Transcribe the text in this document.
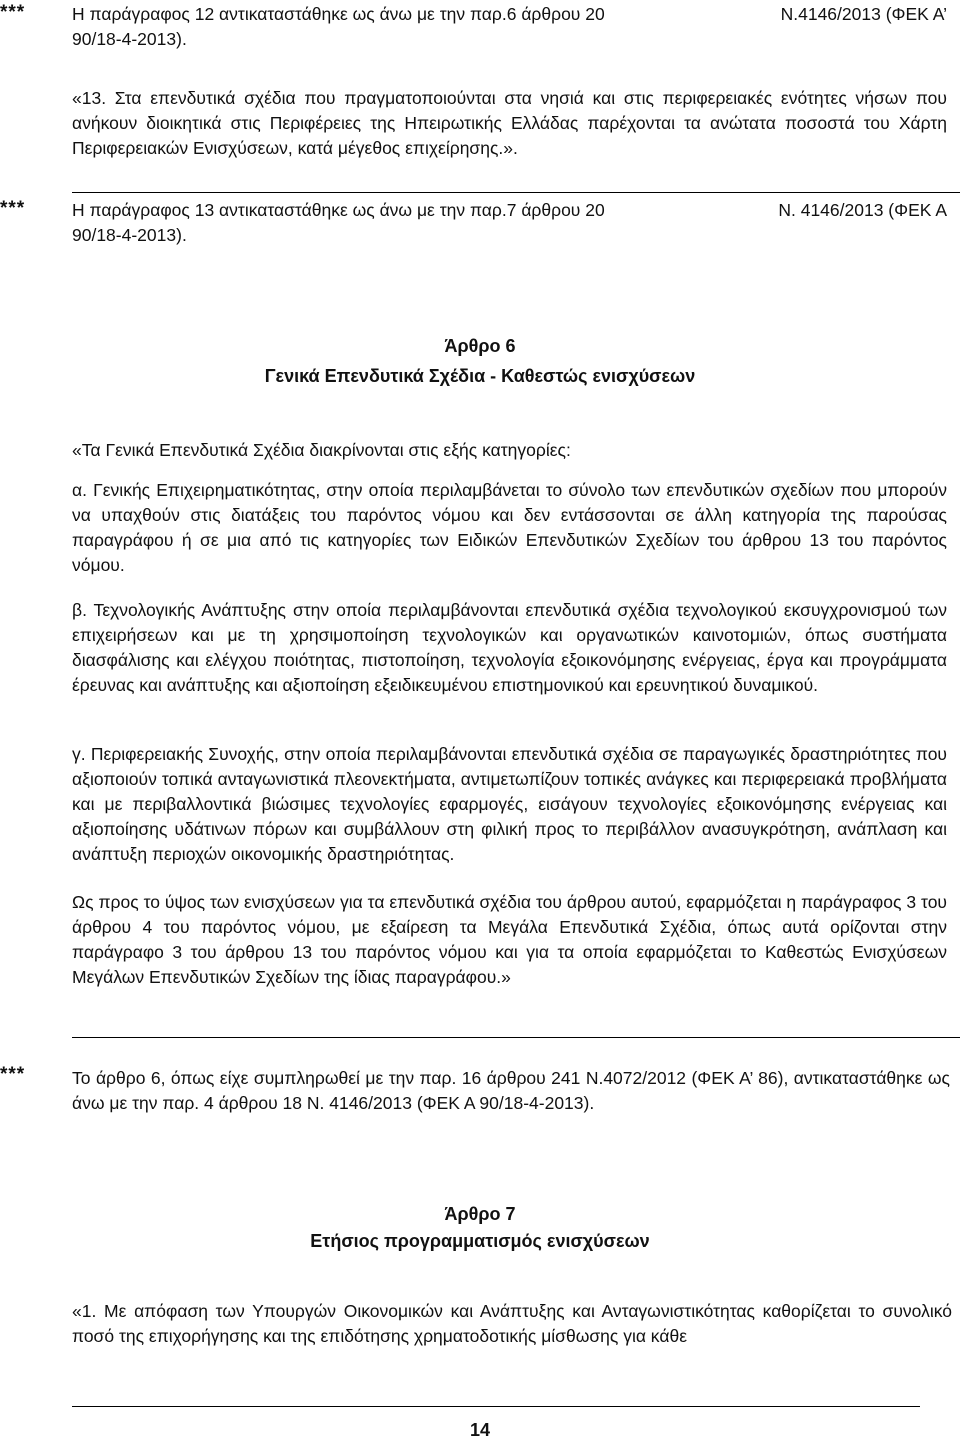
***	Η παράγραφος 12 αντικαταστάθηκε ως άνω με την παρ.6 άρθρου 20	Ν.4146/2013 (ΦΕΚ Α’
90/18-4-2013).
«13. Στα επενδυτικά σχέδια που πραγματοποιούνται στα νησιά και στις περιφερειακές ενότητες νήσων που ανήκουν διοικητικά στις Περιφέρειες της Ηπειρωτικής Ελλάδας παρέχονται τα ανώτατα ποσοστά του Χάρτη Περιφερειακών Ενισχύσεων, κατά μέγεθος επιχείρησης.».
***	Η παράγραφος 13 αντικαταστάθηκε ως άνω με την παρ.7 άρθρου 20	Ν. 4146/2013 (ΦΕΚ Α
90/18-4-2013).
Άρθρο 6
Γενικά Επενδυτικά Σχέδια - Καθεστώς ενισχύσεων
«Τα Γενικά Επενδυτικά Σχέδια διακρίνονται στις εξής κατηγορίες:
α. Γενικής Επιχειρηματικότητας, στην οποία περιλαμβάνεται το σύνολο των επενδυτικών σχεδίων που μπορούν να υπαχθούν στις διατάξεις του παρόντος νόμου και δεν εντάσσονται σε άλλη κατηγορία της παρούσας παραγράφου ή σε μια από τις κατηγορίες των Ειδικών Επενδυτικών Σχεδίων του άρθρου 13 του παρόντος νόμου.
β. Τεχνολογικής Ανάπτυξης στην οποία περιλαμβάνονται επενδυτικά σχέδια τεχνολογικού εκσυγχρονισμού των επιχειρήσεων και με τη χρησιμοποίηση τεχνολογικών και οργανωτικών καινοτομιών, όπως συστήματα διασφάλισης και ελέγχου ποιότητας, πιστοποίηση, τεχνολογία εξοικονόμησης ενέργειας, έργα και προγράμματα έρευνας και ανάπτυξης και αξιοποίηση εξειδικευμένου επιστημονικού και ερευνητικού δυναμικού.
γ. Περιφερειακής Συνοχής, στην οποία περιλαμβάνονται επενδυτικά σχέδια σε παραγωγικές δραστηριότητες που αξιοποιούν τοπικά ανταγωνιστικά πλεονεκτήματα, αντιμετωπίζουν τοπικές ανάγκες και περιφερειακά προβλήματα και με περιβαλλοντικά βιώσιμες τεχνολογίες εφαρμογές, εισάγουν τεχνολογίες εξοικονόμησης ενέργειας και αξιοποίησης υδάτινων πόρων και συμβάλλουν στη φιλική προς το περιβάλλον ανασυγκρότηση, ανάπλαση και ανάπτυξη περιοχών οικονομικής δραστηριότητας.
Ως προς το ύψος των ενισχύσεων για τα επενδυτικά σχέδια του άρθρου αυτού, εφαρμόζεται η παράγραφος 3 του άρθρου 4 του παρόντος νόμου, με εξαίρεση τα Μεγάλα Επενδυτικά Σχέδια, όπως αυτά ορίζονται στην παράγραφο 3 του άρθρου 13 του παρόντος νόμου και για τα οποία εφαρμόζεται το Καθεστώς Ενισχύσεων Μεγάλων Επενδυτικών Σχεδίων της ίδιας παραγράφου.»
***	Το άρθρο 6, όπως είχε συμπληρωθεί με την παρ. 16 άρθρου 241 Ν.4072/2012 (ΦΕΚ Α’ 86), αντικαταστάθηκε ως άνω με την παρ. 4 άρθρου 18 Ν. 4146/2013 (ΦΕΚ Α 90/18-4-2013).
Άρθρο 7
Ετήσιος προγραμματισμός ενισχύσεων
«1. Με απόφαση των Υπουργών Οικονομικών και Ανάπτυξης και Ανταγωνιστικότητας καθορίζεται το συνολικό ποσό της επιχορήγησης και της επιδότησης χρηματοδοτικής μίσθωσης για κάθε
14
